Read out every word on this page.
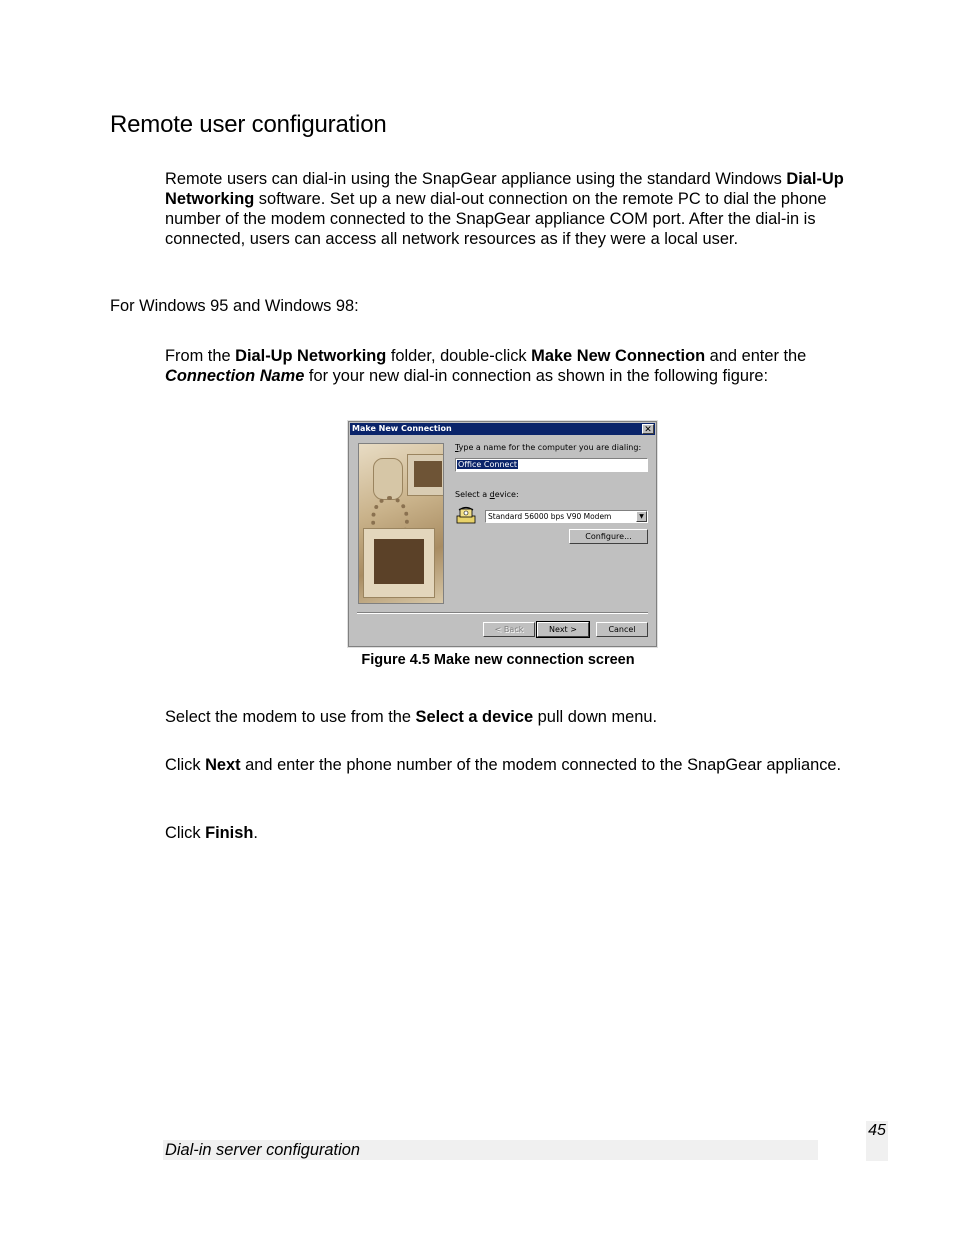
Remote user configuration
Remote users can dial-in using the SnapGear appliance using the standard Windows Dial-Up Networking software. Set up a new dial-out connection on the remote PC to dial the phone number of the modem connected to the SnapGear appliance COM port. After the dial-in is connected, users can access all network resources as if they were a local user.
For Windows 95 and Windows 98:
From the Dial-Up Networking folder, double-click Make New Connection and enter the Connection Name for your new dial-in connection as shown in the following figure:
Make New Connection	✕
Type a name for the computer you are dialing:
Office Connect
Select a device:
Standard 56000 bps V90 Modem	▼
Configure...
< Back	Next >	Cancel
Figure 4.5 Make new connection screen
Select the modem to use from the Select a device pull down menu.
Click Next and enter the phone number of the modem connected to the SnapGear appliance.
Click Finish.
Dial-in server configuration
45
